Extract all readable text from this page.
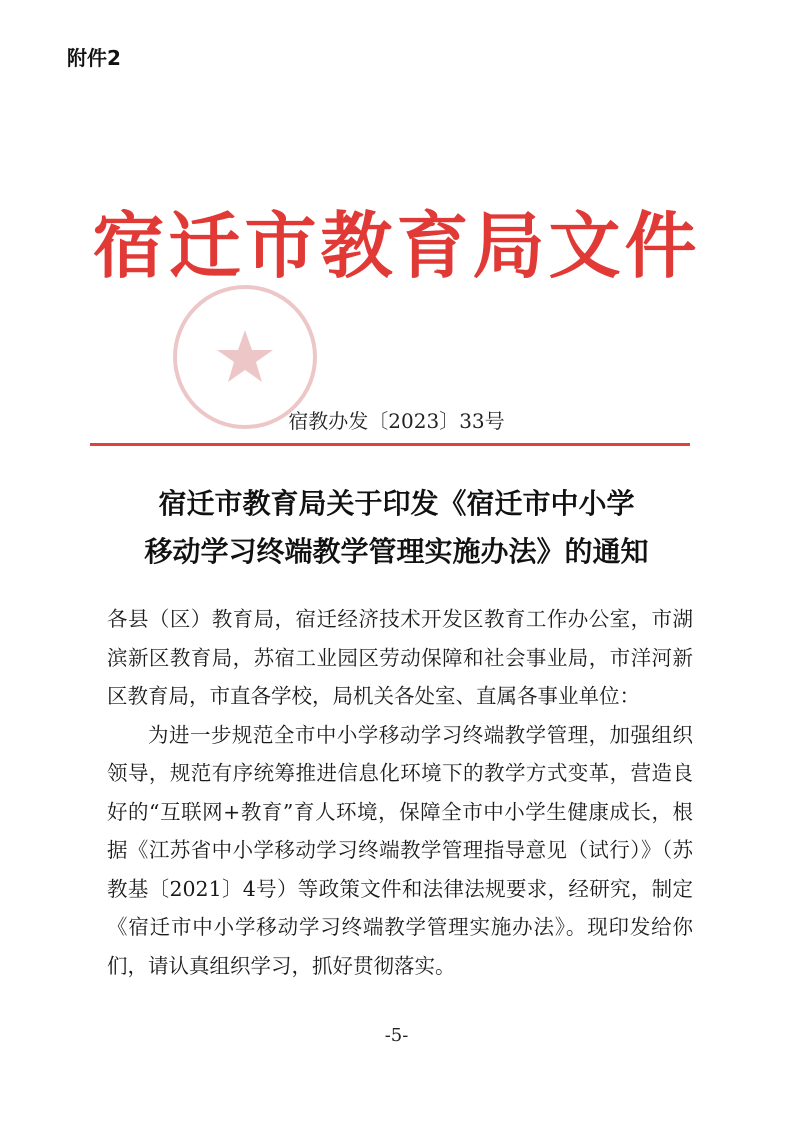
附件2
宿迁市教育局文件
宿教办发〔2023〕33号
宿迁市教育局关于印发《宿迁市中小学
移动学习终端教学管理实施办法》的通知

各县（区）教育局，宿迁经济技术开发区教育工作办公室，市湖滨新区教育局，苏宿工业园区劳动保障和社会事业局，市洋河新区教育局，市直各学校，局机关各处室、直属各事业单位：

为进一步规范全市中小学移动学习终端教学管理，加强组织领导，规范有序统筹推进信息化环境下的教学方式变革，营造良好的“互联网+教育”育人环境，保障全市中小学生健康成长，根据《江苏省中小学移动学习终端教学管理指导意见（试行）》（苏教基〔2021〕4号）等政策文件和法律法规要求，经研究，制定《宿迁市中小学移动学习终端教学管理实施办法》。现印发给你们，请认真组织学习，抓好贯彻落实。

-5-
